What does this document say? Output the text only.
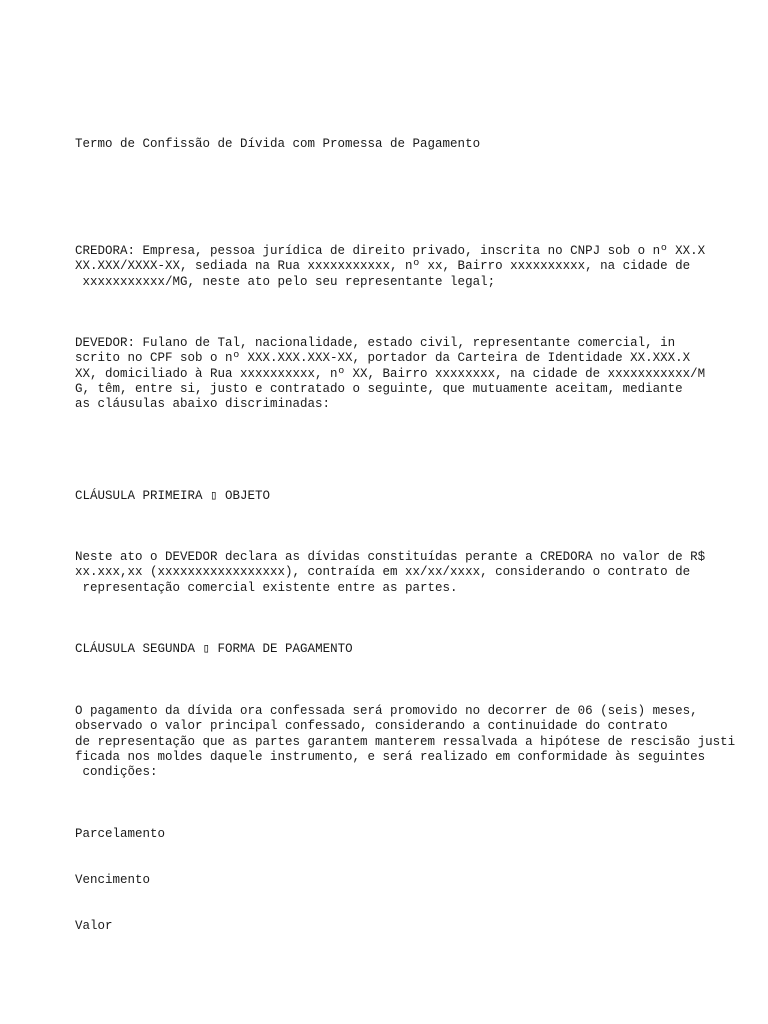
Termo de Confissão de Dívida com Promessa de Pagamento

CREDORA: Empresa, pessoa jurídica de direito privado, inscrita no CNPJ sob o nº XX.X
XX.XXX/XXXX-XX, sediada na Rua xxxxxxxxxxx, nº xx, Bairro xxxxxxxxxx, na cidade de
xxxxxxxxxxx/MG, neste ato pelo seu representante legal;

DEVEDOR: Fulano de Tal, nacionalidade, estado civil, representante comercial, in
scrito no CPF sob o nº XXX.XXX.XXX-XX, portador da Carteira de Identidade XX.XXX.X
XX, domiciliado à Rua xxxxxxxxxx, nº XX, Bairro xxxxxxxx, na cidade de xxxxxxxxxxx/M
G, têm, entre si, justo e contratado o seguinte, que mutuamente aceitam, mediante
as cláusulas abaixo discriminadas:

CLÁUSULA PRIMEIRA ▯ OBJETO

Neste ato o DEVEDOR declara as dívidas constituídas perante a CREDORA no valor de R$
xx.xxx,xx (xxxxxxxxxxxxxxxxx), contraída em xx/xx/xxxx, considerando o contrato de
representação comercial existente entre as partes.

CLÁUSULA SEGUNDA ▯ FORMA DE PAGAMENTO

O pagamento da dívida ora confessada será promovido no decorrer de 06 (seis) meses,
observado o valor principal confessado, considerando a continuidade do contrato
de representação que as partes garantem manterem ressalvada a hipótese de rescisão justi
ficada nos moldes daquele instrumento, e será realizado em conformidade às seguintes
condições:

Parcelamento

Vencimento

Valor
